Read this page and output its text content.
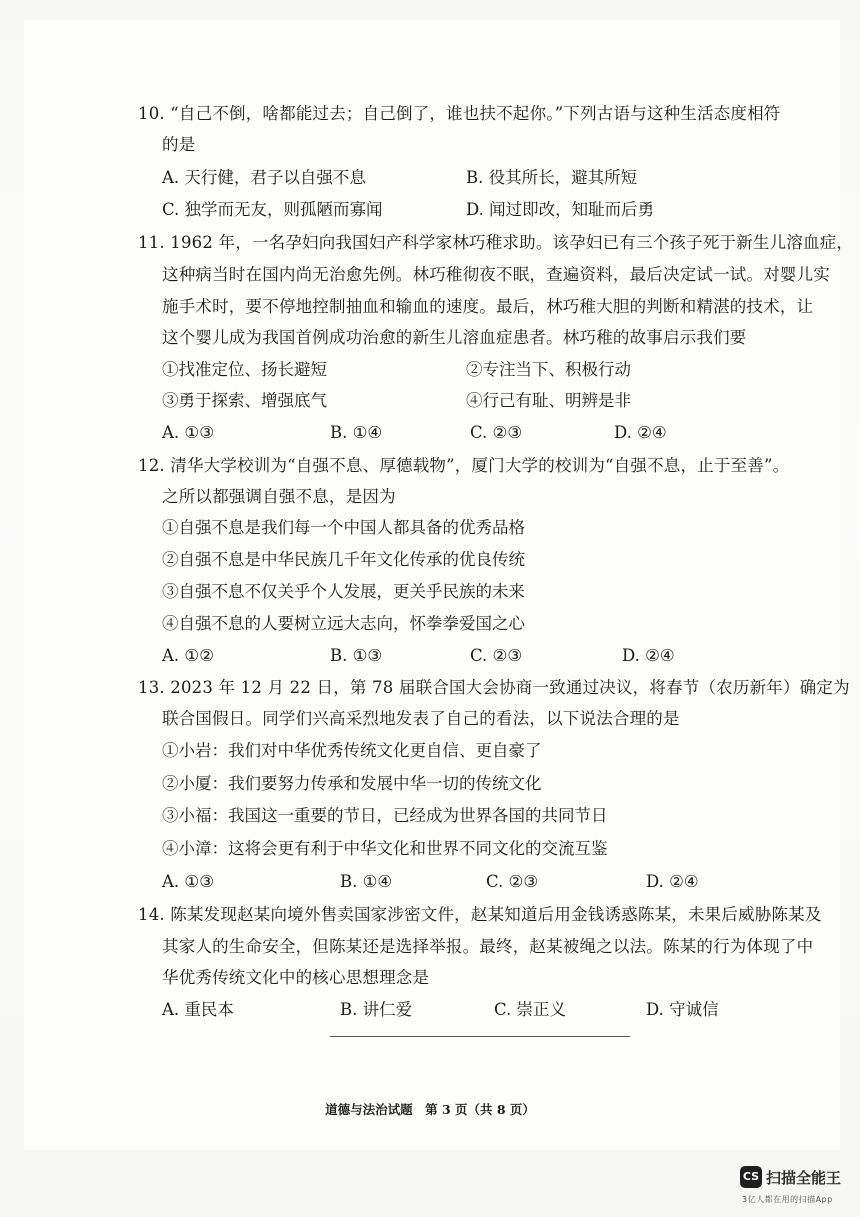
10. “自己不倒，啥都能过去；自己倒了，谁也扶不起你。”下列古语与这种生活态度相符
的是
A. 天行健，君子以自强不息	B. 役其所长，避其所短
C. 独学而无友，则孤陋而寡闻	D. 闻过即改，知耻而后勇
11. 1962 年，一名孕妇向我国妇产科学家林巧稚求助。该孕妇已有三个孩子死于新生儿溶血症，
这种病当时在国内尚无治愈先例。林巧稚彻夜不眠，查遍资料，最后决定试一试。对婴儿实
施手术时，要不停地控制抽血和输血的速度。最后，林巧稚大胆的判断和精湛的技术，让
这个婴儿成为我国首例成功治愈的新生儿溶血症患者。林巧稚的故事启示我们要
①找准定位、扬长避短	②专注当下、积极行动
③勇于探索、增强底气	④行己有耻、明辨是非
A. ①③	B. ①④	C. ②③	D. ②④
12. 清华大学校训为“自强不息、厚德载物”，厦门大学的校训为“自强不息，止于至善”。
之所以都强调自强不息，是因为
①自强不息是我们每一个中国人都具备的优秀品格
②自强不息是中华民族几千年文化传承的优良传统
③自强不息不仅关乎个人发展，更关乎民族的未来
④自强不息的人要树立远大志向，怀拳拳爱国之心
A. ①②	B. ①③	C. ②③	D. ②④
13. 2023 年 12 月 22 日，第 78 届联合国大会协商一致通过决议，将春节（农历新年）确定为
联合国假日。同学们兴高采烈地发表了自己的看法，以下说法合理的是
①小岩：我们对中华优秀传统文化更自信、更自豪了
②小厦：我们要努力传承和发展中华一切的传统文化
③小福：我国这一重要的节日，已经成为世界各国的共同节日
④小漳：这将会更有利于中华文化和世界不同文化的交流互鉴
A. ①③	B. ①④	C. ②③	D. ②④
14. 陈某发现赵某向境外售卖国家涉密文件，赵某知道后用金钱诱惑陈某，未果后威胁陈某及
其家人的生命安全，但陈某还是选择举报。最终，赵某被绳之以法。陈某的行为体现了中
华优秀传统文化中的核心思想理念是
A. 重民本	B. 讲仁爱	C. 崇正义	D. 守诚信
道德与法治试题　第 3 页（共 8 页）
CS 扫描全能王
3亿人都在用的扫描App
